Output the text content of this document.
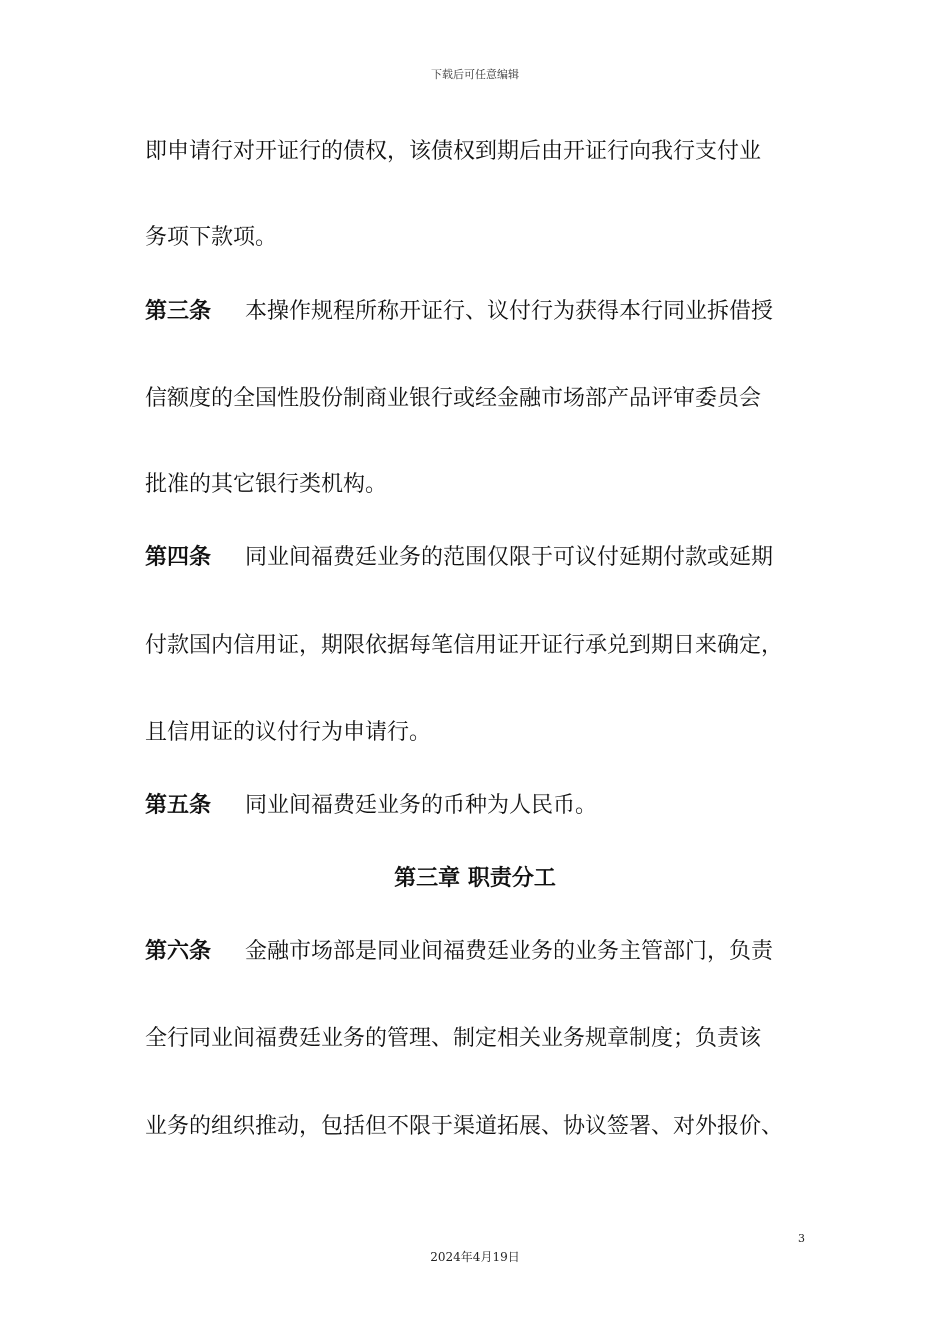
下载后可任意编辑
即申请行对开证行的债权，该债权到期后由开证行向我行支付业
务项下款项。
第三条 本操作规程所称开证行、议付行为获得本行同业拆借授
信额度的全国性股份制商业银行或经金融市场部产品评审委员会
批准的其它银行类机构。
第四条 同业间福费廷业务的范围仅限于可议付延期付款或延期
付款国内信用证，期限依据每笔信用证开证行承兑到期日来确定，
且信用证的议付行为申请行。
第五条 同业间福费廷业务的币种为人民币。
第三章 职责分工
第六条 金融市场部是同业间福费廷业务的业务主管部门，负责
全行同业间福费廷业务的管理、制定相关业务规章制度；负责该
业务的组织推动，包括但不限于渠道拓展、协议签署、对外报价、
3
2024年4月19日
